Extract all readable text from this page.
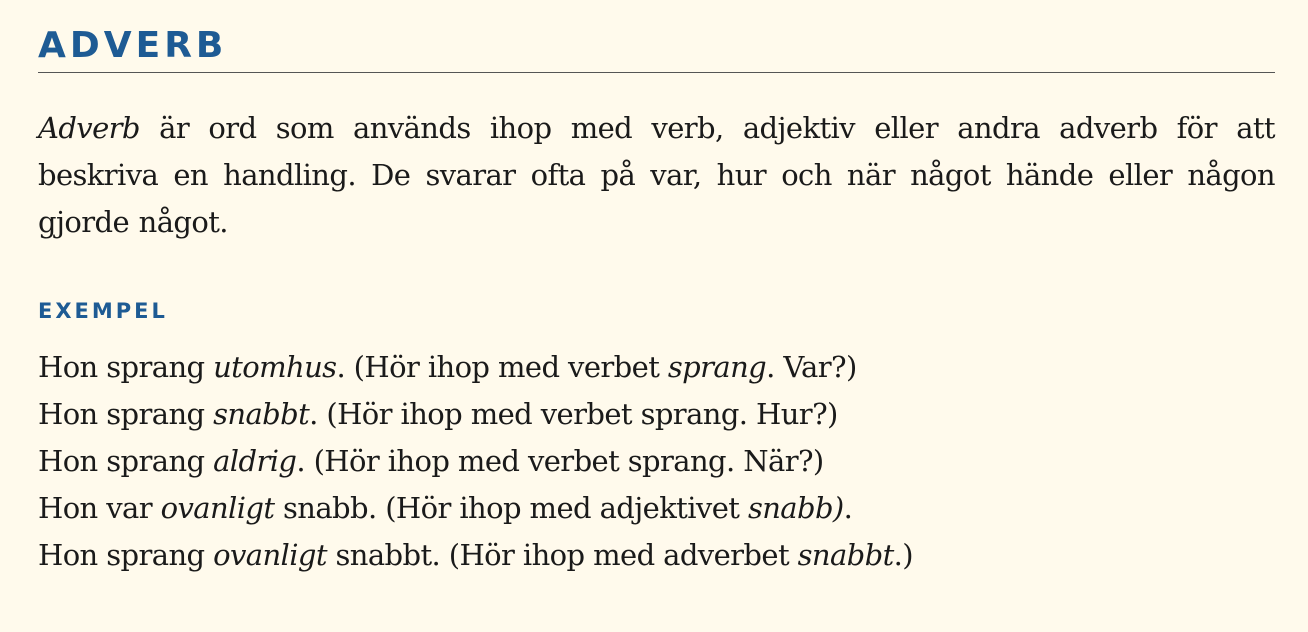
ADVERB

Adverb är ord som används ihop med verb, adjektiv eller andra adverb för att beskriva en handling. De svarar ofta på var, hur och när något hände eller någon gjorde något.

EXEMPEL
Hon sprang utomhus. (Hör ihop med verbet sprang. Var?)
Hon sprang snabbt. (Hör ihop med verbet sprang. Hur?)
Hon sprang aldrig. (Hör ihop med verbet sprang. När?)
Hon var ovanligt snabb. (Hör ihop med adjektivet snabb).
Hon sprang ovanligt snabbt. (Hör ihop med adverbet snabbt.)
